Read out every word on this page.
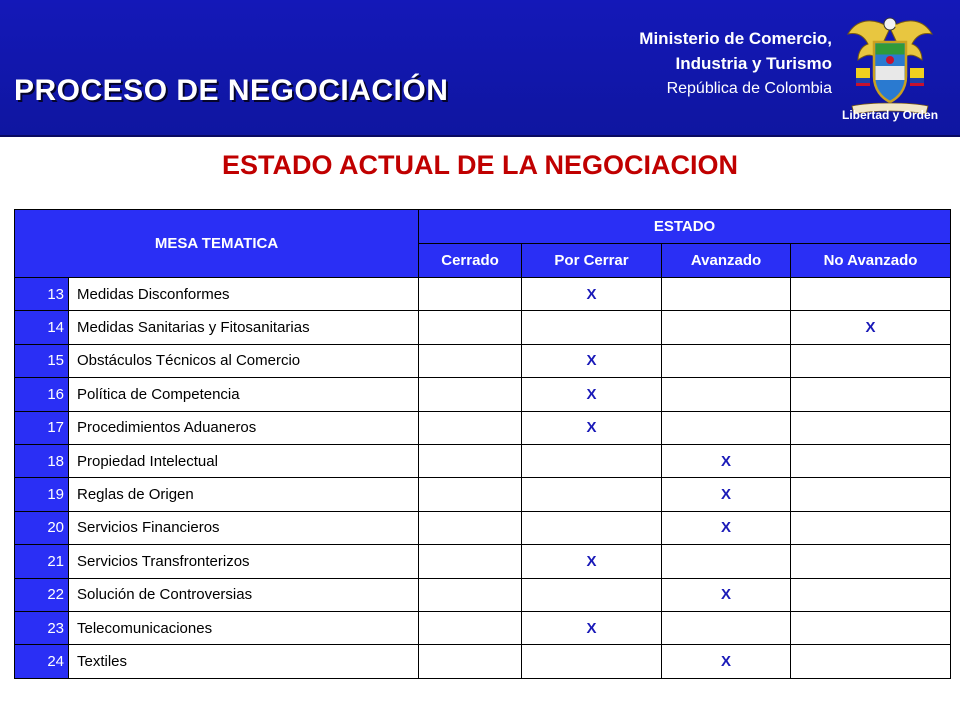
PROCESO DE NEGOCIACIÓN
Ministerio de Comercio,
Industria y Turismo
República de Colombia
Libertad y Orden
ESTADO ACTUAL DE LA NEGOCIACION
MESA TEMATICA		ESTADO			
		Cerrado	Por Cerrar	Avanzado	No Avanzado
13	Medidas Disconformes		X		
14	Medidas Sanitarias y Fitosanitarias				X
15	Obstáculos Técnicos al Comercio		X		
16	Política de Competencia		X		
17	Procedimientos Aduaneros		X		
18	Propiedad Intelectual			X	
19	Reglas de Origen			X	
20	Servicios Financieros			X	
21	Servicios Transfronterizos		X		
22	Solución de Controversias			X	
23	Telecomunicaciones		X		
24	Textiles			X	
